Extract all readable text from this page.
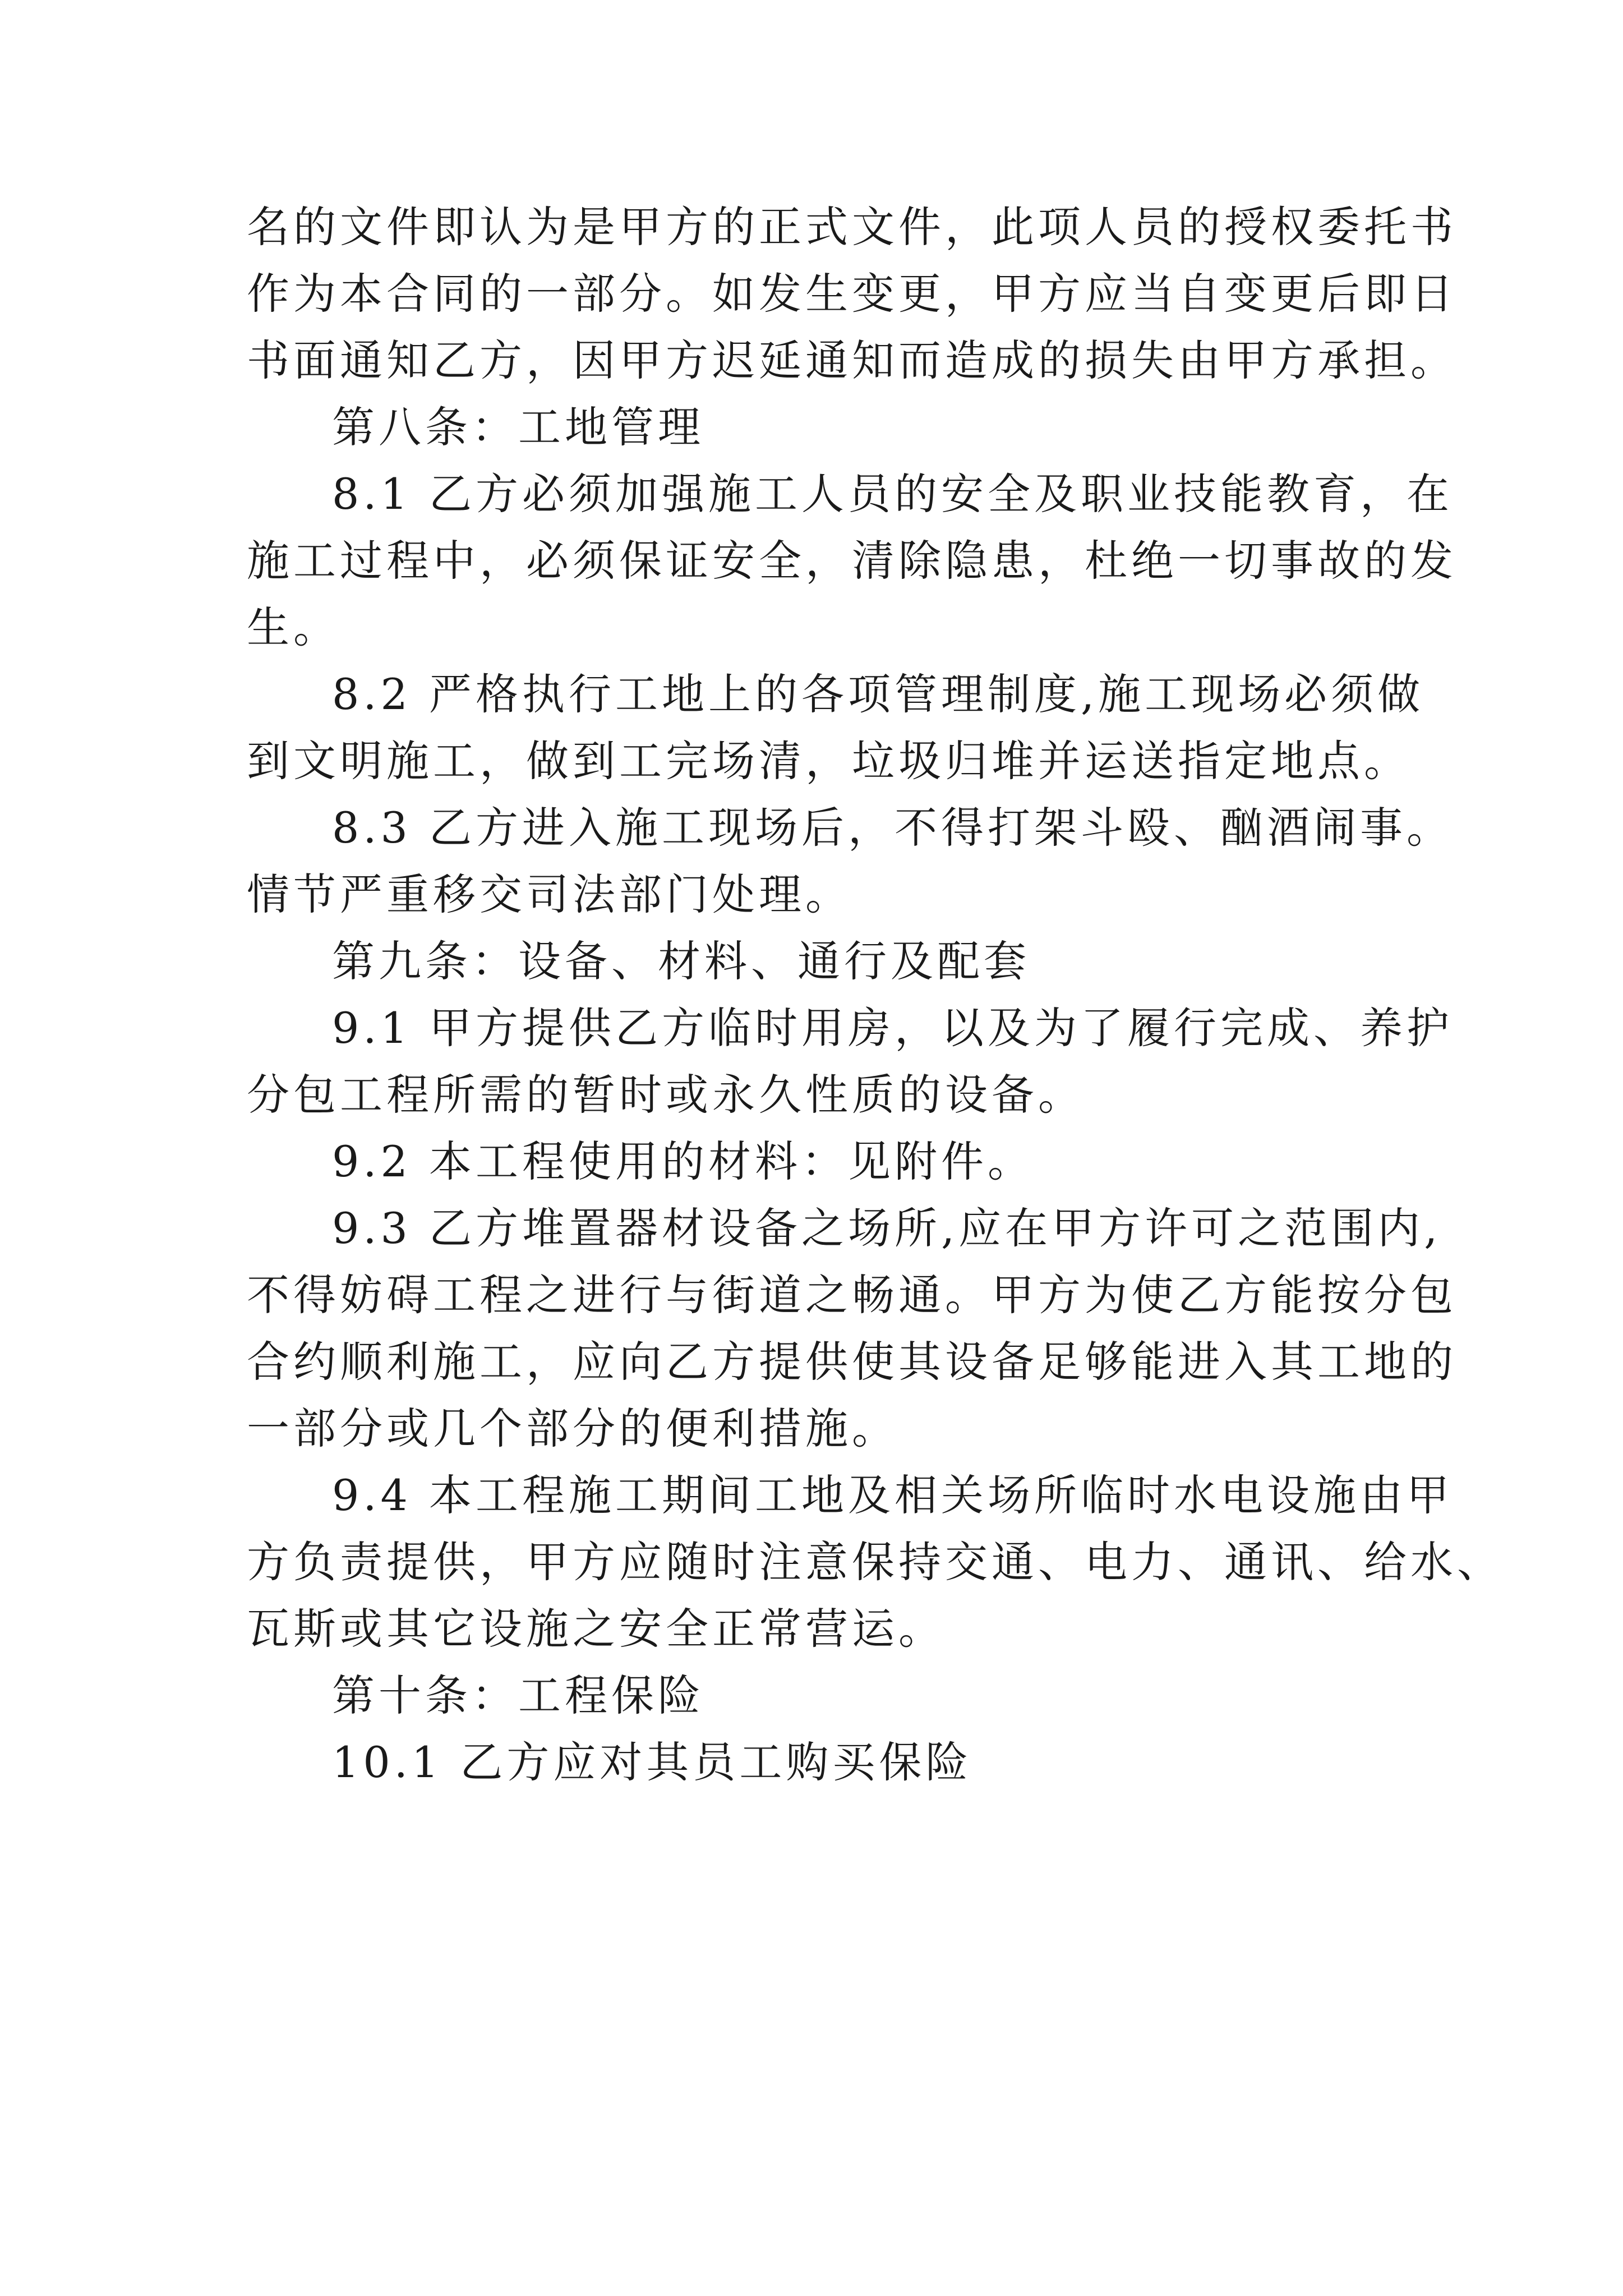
名的文件即认为是甲方的正式文件，此项人员的授权委托书
作为本合同的一部分。如发生变更，甲方应当自变更后即日
书面通知乙方，因甲方迟延通知而造成的损失由甲方承担。
第八条：工地管理
8.1 乙方必须加强施工人员的安全及职业技能教育，在
施工过程中，必须保证安全，清除隐患，杜绝一切事故的发
生。
8.2 严格执行工地上的各项管理制度,施工现场必须做
到文明施工，做到工完场清，垃圾归堆并运送指定地点。
8.3 乙方进入施工现场后，不得打架斗殴、酗酒闹事。
情节严重移交司法部门处理。
第九条：设备、材料、通行及配套
9.1 甲方提供乙方临时用房，以及为了履行完成、养护
分包工程所需的暂时或永久性质的设备。
9.2 本工程使用的材料：见附件。
9.3 乙方堆置器材设备之场所,应在甲方许可之范围内,
不得妨碍工程之进行与街道之畅通。甲方为使乙方能按分包
合约顺利施工，应向乙方提供使其设备足够能进入其工地的
一部分或几个部分的便利措施。
9.4 本工程施工期间工地及相关场所临时水电设施由甲
方负责提供，甲方应随时注意保持交通、电力、通讯、给水、
瓦斯或其它设施之安全正常营运。
第十条：工程保险
10.1 乙方应对其员工购买保险
